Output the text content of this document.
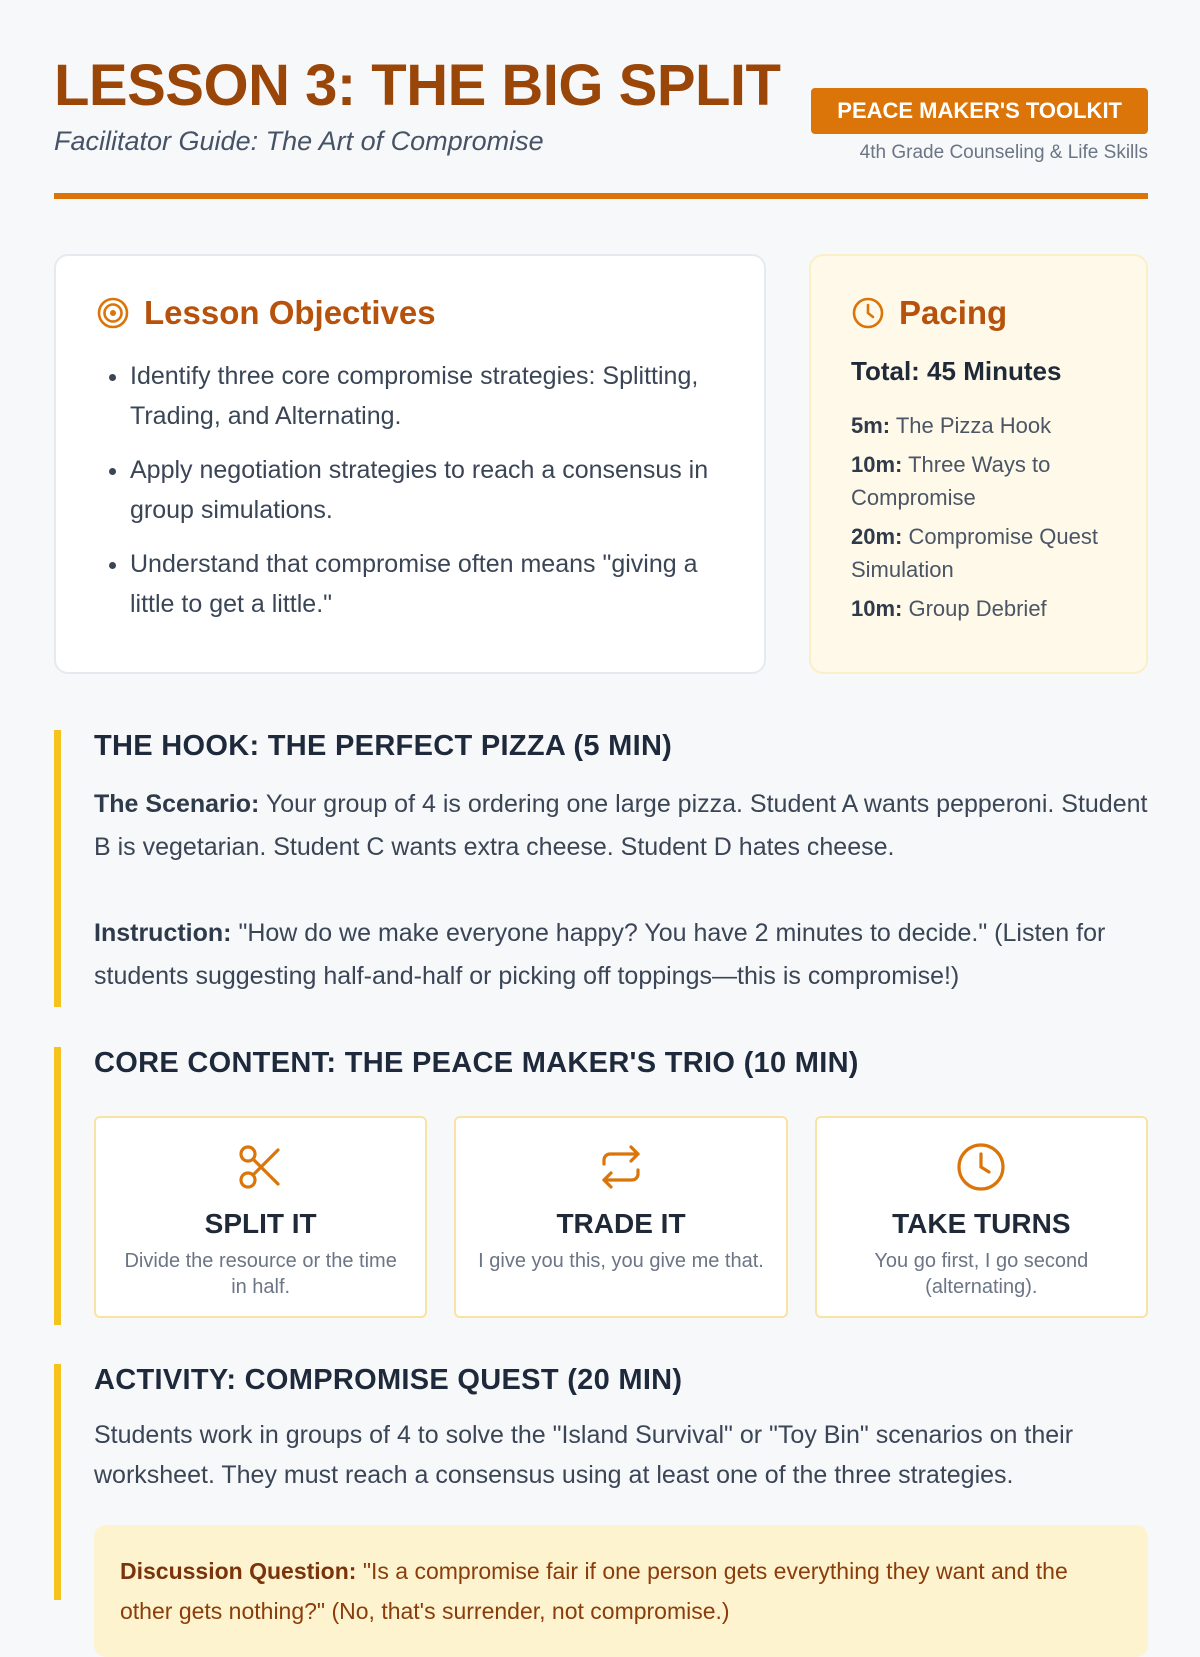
LESSON 3: THE BIG SPLIT

Facilitator Guide: The Art of Compromise

PEACE MAKER'S TOOLKIT
4th Grade Counseling & Life Skills
Lesson Objectives
• Identify three core compromise strategies: Splitting, Trading, and Alternating.
• Apply negotiation strategies to reach a consensus in group simulations.
• Understand that compromise often means "giving a little to get a little."
Pacing

Total: 45 Minutes

5m: The Pizza Hook
10m: Three Ways to Compromise
20m: Compromise Quest Simulation
10m: Group Debrief
THE HOOK: THE PERFECT PIZZA (5 MIN)

The Scenario: Your group of 4 is ordering one large pizza. Student A wants pepperoni. Student B is vegetarian. Student C wants extra cheese. Student D hates cheese.

Instruction: "How do we make everyone happy? You have 2 minutes to decide." (Listen for students suggesting half-and-half or picking off toppings—this is compromise!)

CORE CONTENT: THE PEACE MAKER'S TRIO (10 MIN)
SPLIT IT
Divide the resource or the time in half.
TRADE IT
I give you this, you give me that.
TAKE TURNS
You go first, I go second (alternating).
ACTIVITY: COMPROMISE QUEST (20 MIN)

Students work in groups of 4 to solve the "Island Survival" or "Toy Bin" scenarios on their worksheet. They must reach a consensus using at least one of the three strategies.

Discussion Question: "Is a compromise fair if one person gets everything they want and the other gets nothing?" (No, that's surrender, not compromise.)
